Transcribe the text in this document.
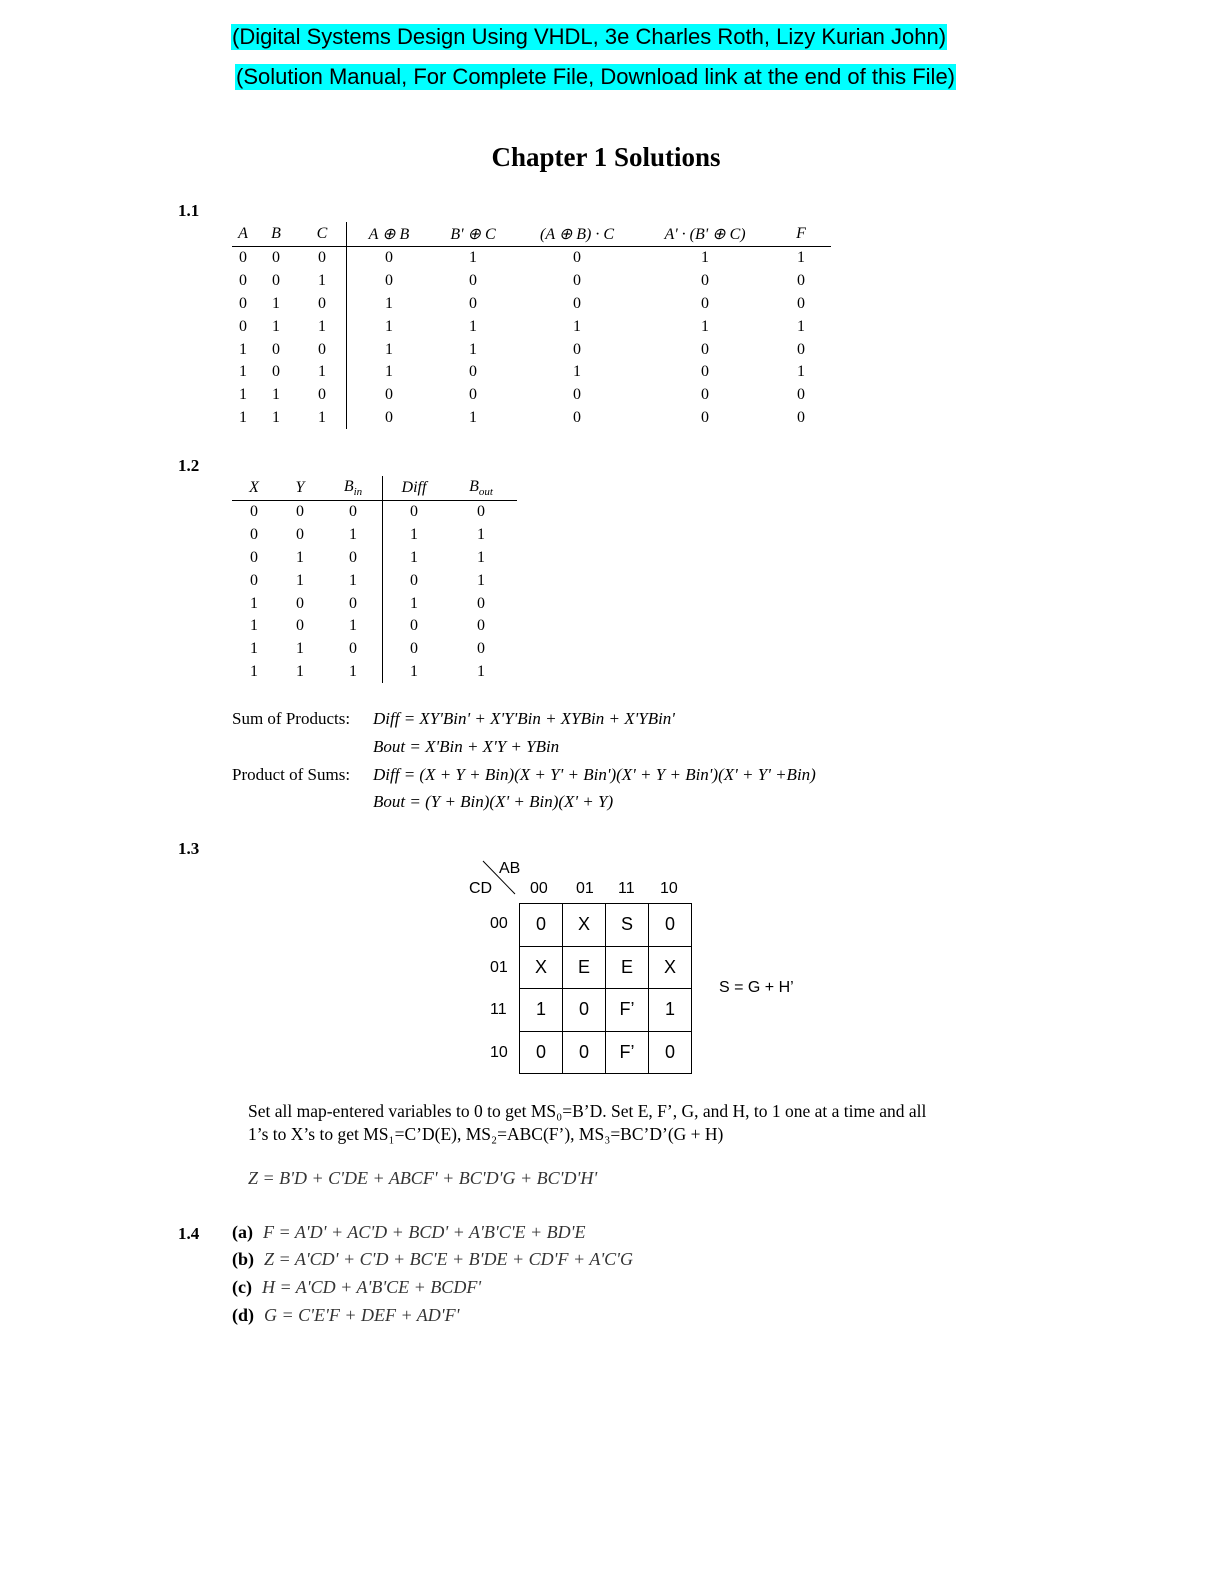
(Digital Systems Design Using VHDL, 3e Charles Roth, Lizy Kurian John)
(Solution Manual, For Complete File, Download link at the end of this File)
Chapter 1 Solutions
1.1
A	B	C	A ⊕ B	B' ⊕ C	(A ⊕ B) · C	A' · (B' ⊕ C)	F
0	0	0	0	1	0	1	1
0	0	1	0	0	0	0	0
0	1	0	1	0	0	0	0
0	1	1	1	1	1	1	1
1	0	0	1	1	0	0	0
1	0	1	1	0	1	0	1
1	1	0	0	0	0	0	0
1	1	1	0	1	0	0	0
1.2
X	Y	$B_{in}$	Diff	$B_{out}$
0	0	0	0	0
0	0	1	1	1
0	1	0	1	1
0	1	1	0	1
1	0	0	1	0
1	0	1	0	0
1	1	0	0	0
1	1	1	1	1
Sum of Products: Diff = XY'Bin' + X'Y'Bin + XYBin + X'YBin'
Bout = X'Bin + X'Y + YBin
Product of Sums: Diff = (X + Y + Bin)(X + Y' + Bin')(X' + Y + Bin')(X' + Y' +Bin)
Bout = (Y + Bin)(X' + Bin)(X' + Y)
1.3
AB
CD 00 01 11 10
00
01
11
10
0	X	S	0
X	E	E	X
1	0	F’	1
0	0	F’	0
S = G + H’
Set all map-entered variables to 0 to get MS₀=B’D. Set E, F’, G, and H, to 1 one at a time and all
1’s to X’s to get MS₁=C’D(E), MS₂=ABC(F’), MS₃=BC’D’(G + H)
Z = B'D + C'DE + ABCF' + BC'D'G + BC'D'H'
1.4 (a) F = A'D' + AC'D + BCD' + A'B'C'E + BD'E
(b) Z = A'CD' + C'D + BC'E + B'DE + CD'F + A'C'G
(c) H = A'CD + A'B'CE + BCDF'
(d) G = C'E'F + DEF + AD'F'
